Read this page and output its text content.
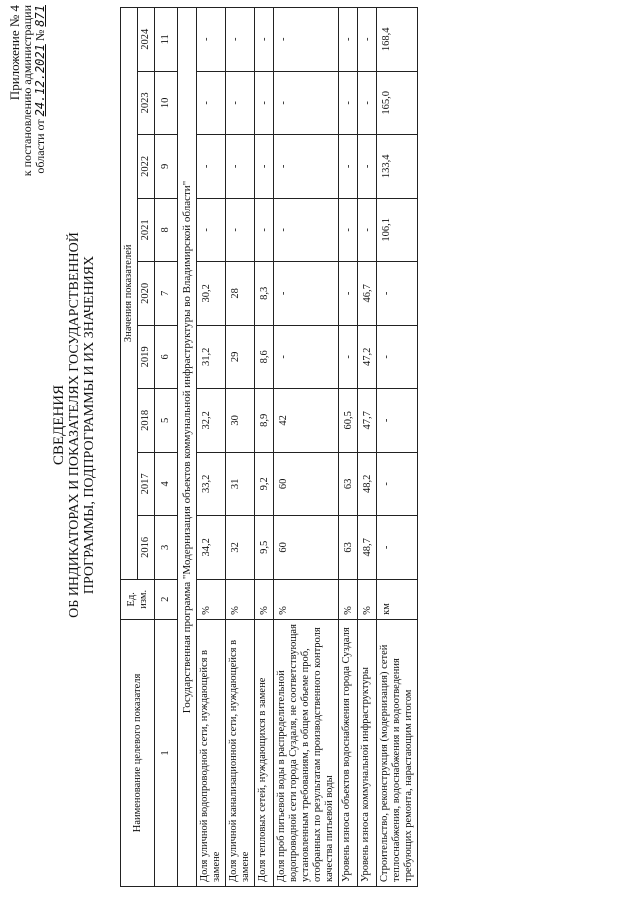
Приложение № 4
к постановлению администрации области от 24.12.2021 № 871
СВЕДЕНИЯ ОБ ИНДИКАТОРАХ И ПОКАЗАТЕЛЯХ ГОСУДАРСТВЕННОЙ ПРОГРАММЫ, ПОДПРОГРАММЫ И ИХ ЗНАЧЕНИЯХ
Наименование целевого показателя	Ед. изм.	Значения показателей								
		2016	2017	2018	2019	2020	2021	2022	2023	2024
1	2	3	4	5	6	7	8	9	10	11
Государственная программа "Модернизация объектов коммунальной инфраструктуры во Владимирской области"										
Доля уличной водопроводной сети, нуждающейся в замене	%	34,2	33,2	32,2	31,2	30,2	-	-	-	-
Доля уличной канализационной сети, нуждающейся в замене	%	32	31	30	29	28	-	-	-	-
Доля тепловых сетей, нуждающихся в замене	%	9,5	9,2	8,9	8,6	8,3	-	-	-	-
Доля проб питьевой воды в распределительной водопроводной сети города Суздаля, не соответствующая установленным требованиям, в общем объеме проб, отобранных по результатам производственного контроля качества питьевой воды	%	60	60	42	-	-	-	-	-	-
Уровень износа объектов водоснабжения города Суздаля	%	63	63	60,5	-	-	-	-	-	-
Уровень износа коммунальной инфраструктуры	%	48,7	48,2	47,7	47,2	46,7	-	-	-	-
Строительство, реконструкция (модернизация) сетей теплоснабжения, водоснабжения и водоотведения требующих ремонта, нарастающим итогом	км	-	-	-	-	-	106,1	133,4	165,0	168,4
